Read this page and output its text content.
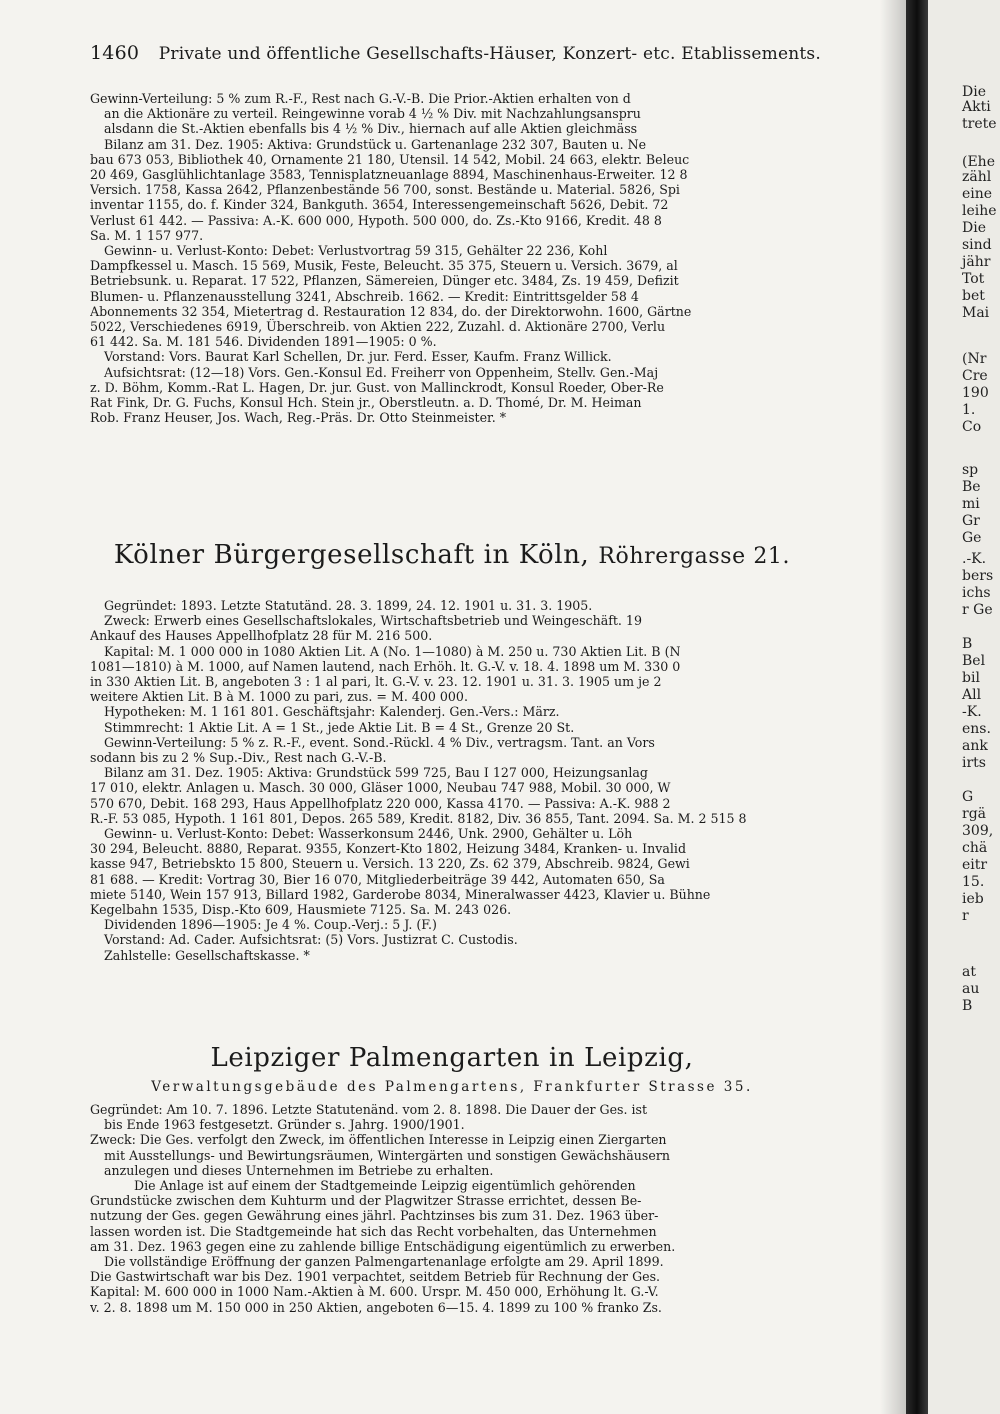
1460 Private und öffentliche Gesellschafts-Häuser, Konzert- etc. Etablissements.
Gewinn-Verteilung: 5 % zum R.-F., Rest nach G.-V.-B. Die Prior.-Aktien erhalten von d
an die Aktionäre zu verteil. Reingewinne vorab 4 ½ % Div. mit Nachzahlungsanspru
alsdann die St.-Aktien ebenfalls bis 4 ½ % Div., hiernach auf alle Aktien gleichmäss
Bilanz am 31. Dez. 1905: Aktiva: Grundstück u. Gartenanlage 232 307, Bauten u. Ne
bau 673 053, Bibliothek 40, Ornamente 21 180, Utensil. 14 542, Mobil. 24 663, elektr. Beleuc
20 469, Gasglühlichtanlage 3583, Tennisplatzneuanlage 8894, Maschinenhaus-Erweiter. 12 8
Versich. 1758, Kassa 2642, Pflanzenbestände 56 700, sonst. Bestände u. Material. 5826, Spi
inventar 1155, do. f. Kinder 324, Bankguth. 3654, Interessengemeinschaft 5626, Debit. 72
Verlust 61 442. — Passiva: A.-K. 600 000, Hypoth. 500 000, do. Zs.-Kto 9166, Kredit. 48 8
Sa. M. 1 157 977.
Gewinn- u. Verlust-Konto: Debet: Verlustvortrag 59 315, Gehälter 22 236, Kohl
Dampfkessel u. Masch. 15 569, Musik, Feste, Beleucht. 35 375, Steuern u. Versich. 3679, al
Betriebsunk. u. Reparat. 17 522, Pflanzen, Sämereien, Dünger etc. 3484, Zs. 19 459, Defizit
Blumen- u. Pflanzenausstellung 3241, Abschreib. 1662. — Kredit: Eintrittsgelder 58 4
Abonnements 32 354, Mietertrag d. Restauration 12 834, do. der Direktorwohn. 1600, Gärtne
5022, Verschiedenes 6919, Überschreib. von Aktien 222, Zuzahl. d. Aktionäre 2700, Verlu
61 442. Sa. M. 181 546. Dividenden 1891—1905: 0 %.
Vorstand: Vors. Baurat Karl Schellen, Dr. jur. Ferd. Esser, Kaufm. Franz Willick.
Aufsichtsrat: (12—18) Vors. Gen.-Konsul Ed. Freiherr von Oppenheim, Stellv. Gen.-Maj
z. D. Böhm, Komm.-Rat L. Hagen, Dr. jur. Gust. von Mallinckrodt, Konsul Roeder, Ober-Re
Rat Fink, Dr. G. Fuchs, Konsul Hch. Stein jr., Oberstleutn. a. D. Thomé, Dr. M. Heiman
Rob. Franz Heuser, Jos. Wach, Reg.-Präs. Dr. Otto Steinmeister. *
Kölner Bürgergesellschaft in Köln, Röhrergasse 21.
Gegründet: 1893. Letzte Statutänd. 28. 3. 1899, 24. 12. 1901 u. 31. 3. 1905.
Zweck: Erwerb eines Gesellschaftslokales, Wirtschaftsbetrieb und Weingeschäft. 19
Ankauf des Hauses Appellhofplatz 28 für M. 216 500.
Kapital: M. 1 000 000 in 1080 Aktien Lit. A (No. 1—1080) à M. 250 u. 730 Aktien Lit. B (N
1081—1810) à M. 1000, auf Namen lautend, nach Erhöh. lt. G.-V. v. 18. 4. 1898 um M. 330 0
in 330 Aktien Lit. B, angeboten 3 : 1 al pari, lt. G.-V. v. 23. 12. 1901 u. 31. 3. 1905 um je 2
weitere Aktien Lit. B à M. 1000 zu pari, zus. = M. 400 000.
Hypotheken: M. 1 161 801. Geschäftsjahr: Kalenderj. Gen.-Vers.: März.
Stimmrecht: 1 Aktie Lit. A = 1 St., jede Aktie Lit. B = 4 St., Grenze 20 St.
Gewinn-Verteilung: 5 % z. R.-F., event. Sond.-Rückl. 4 % Div., vertragsm. Tant. an Vors
sodann bis zu 2 % Sup.-Div., Rest nach G.-V.-B.
Bilanz am 31. Dez. 1905: Aktiva: Grundstück 599 725, Bau I 127 000, Heizungsanlag
17 010, elektr. Anlagen u. Masch. 30 000, Gläser 1000, Neubau 747 988, Mobil. 30 000, W
570 670, Debit. 168 293, Haus Appellhofplatz 220 000, Kassa 4170. — Passiva: A.-K. 988 2
R.-F. 53 085, Hypoth. 1 161 801, Depos. 265 589, Kredit. 8182, Div. 36 855, Tant. 2094. Sa. M. 2 515 8
Gewinn- u. Verlust-Konto: Debet: Wasserkonsum 2446, Unk. 2900, Gehälter u. Löh
30 294, Beleucht. 8880, Reparat. 9355, Konzert-Kto 1802, Heizung 3484, Kranken- u. Invalid
kasse 947, Betriebskto 15 800, Steuern u. Versich. 13 220, Zs. 62 379, Abschreib. 9824, Gewi
81 688. — Kredit: Vortrag 30, Bier 16 070, Mitgliederbeiträge 39 442, Automaten 650, Sa
miete 5140, Wein 157 913, Billard 1982, Garderobe 8034, Mineralwasser 4423, Klavier u. Bühne
Kegelbahn 1535, Disp.-Kto 609, Hausmiete 7125. Sa. M. 243 026.
Dividenden 1896—1905: Je 4 %. Coup.-Verj.: 5 J. (F.)
Vorstand: Ad. Cader. Aufsichtsrat: (5) Vors. Justizrat C. Custodis.
Zahlstelle: Gesellschaftskasse. *
Leipziger Palmengarten in Leipzig,
Verwaltungsgebäude des Palmengartens, Frankfurter Strasse 35.
Gegründet: Am 10. 7. 1896. Letzte Statutenänd. vom 2. 8. 1898. Die Dauer der Ges. ist
bis Ende 1963 festgesetzt. Gründer s. Jahrg. 1900/1901.
Zweck: Die Ges. verfolgt den Zweck, im öffentlichen Interesse in Leipzig einen Ziergarten
mit Ausstellungs- und Bewirtungsräumen, Wintergärten und sonstigen Gewächshäusern
anzulegen und dieses Unternehmen im Betriebe zu erhalten.
Die Anlage ist auf einem der Stadtgemeinde Leipzig eigentümlich gehörenden
Grundstücke zwischen dem Kuhturm und der Plagwitzer Strasse errichtet, dessen Be-
nutzung der Ges. gegen Gewährung eines jährl. Pachtzinses bis zum 31. Dez. 1963 über-
lassen worden ist. Die Stadtgemeinde hat sich das Recht vorbehalten, das Unternehmen
am 31. Dez. 1963 gegen eine zu zahlende billige Entschädigung eigentümlich zu erwerben.
Die vollständige Eröffnung der ganzen Palmengartenanlage erfolgte am 29. April 1899.
Die Gastwirtschaft war bis Dez. 1901 verpachtet, seitdem Betrieb für Rechnung der Ges.
Kapital: M. 600 000 in 1000 Nam.-Aktien à M. 600. Urspr. M. 450 000, Erhöhung lt. G.-V.
v. 2. 8. 1898 um M. 150 000 in 250 Aktien, angeboten 6—15. 4. 1899 zu 100 % franko Zs.
Die
Akti
trete
(Ehe
zähl
eine
leihe
Die
sind
jähr
Tot
bet
Mai
(Nr
Cre
190
1.
Co
sp
Be
mi
Gr
Ge
.-K.
bers
ichs
r Ge
B
Bel
bil
All
-K.
ens.
ank
irts
G
rgä
309,
chä
eitr
15.
ieb
r
at
au
B
